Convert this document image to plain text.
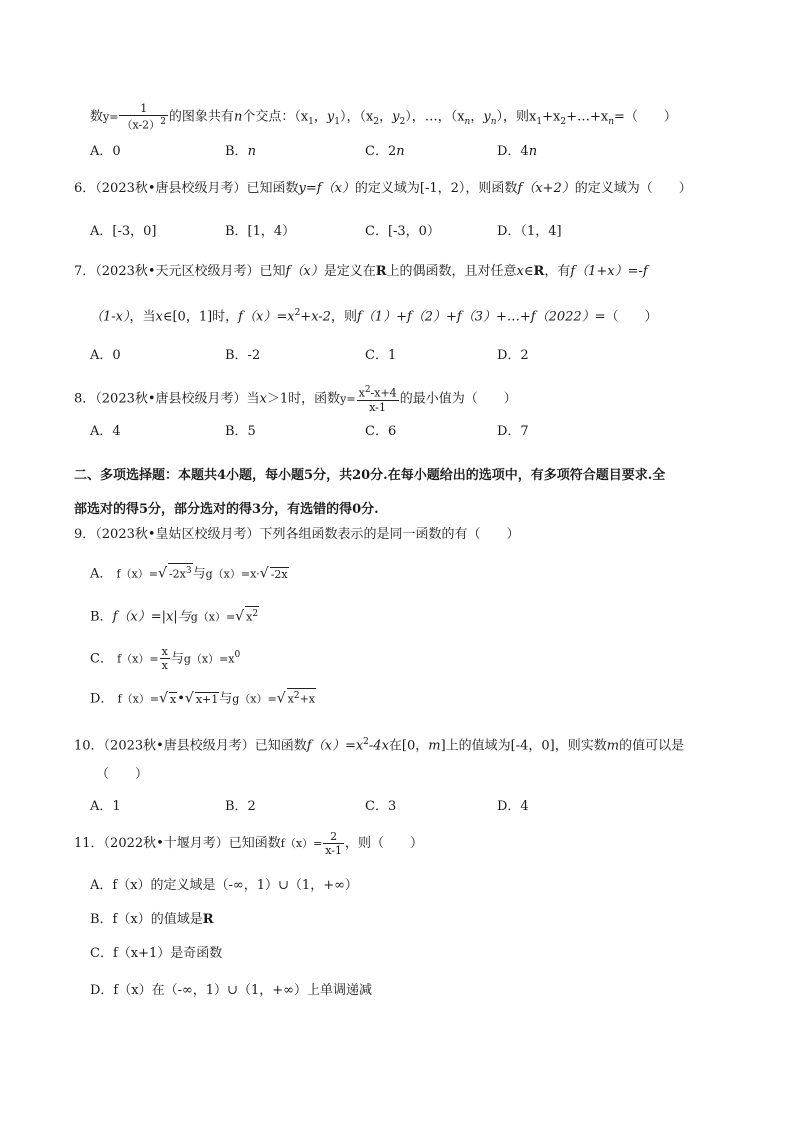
数$y= \frac{1}{(x-2)^2}$ 的图象共有n个交点：（$x_1$，$y_1$），（$x_2$，$y_2$），…，（$x_n$，$y_n$），则$x_1+x_2+\dots+x_n=$（　　）
A．0	B．n	C．2n	D．4n
6．（2023秋•唐县校级月考）已知函数y=f（x）的定义域为[-1，2），则函数f（x+2）的定义域为（　　）
A．[-3，0]	B．[1，4）	C．[-3，0）	D．（1，4]
7．（2023秋•天元区校级月考）已知f（x）是定义在R上的偶函数，且对任意x∈R，有f（1+x）=-f
（1-x），当x∈[0，1]时，$f(x)=x^2+x-2$，则f（1）+f（2）+f（3）+…+f（2022）=（　　）
A．0	B．-2	C．1	D．2
8．（2023秋•唐县校级月考）当x＞1时，函数$y= \frac{x^2-x+4}{x-1}$ 的最小值为（　　）
A．4	B．5	C．6	D．7
二、多项选择题：本题共4小题，每小题5分，共20分.在每小题给出的选项中，有多项符合题目要求.全
部选对的得5分，部分选对的得3分，有选错的得0分.
9．（2023秋•皇姑区校级月考）下列各组函数表示的是同一函数的有（　　）
A． f（x）=√ $-2x^3$与g（x）=x·√ -2x
B．f（x）=|x|与g（x）=√ $x^2$
C． $f(x)= \frac{x}{x}$ 与$g(x)=x^0$
D． f（x）=√ x•√ x+1与g（x）=√ $x^2+x$
10．（2023秋•唐县校级月考）已知函数$f(x)=x^2-4x$在[0，m]上的值域为[-4，0]，则实数m的值可以是
（　　）
A．1	B．2	C．3	D．4
11．（2022秋•十堰月考）已知函数$f(x)= \frac{2}{x-1}$ ，则（　　）
A．f（x）的定义域是（-∞，1）∪（1，+∞）
B．f（x）的值域是R
C．f（x+1）是奇函数
D．f（x）在（-∞，1）∪（1，+∞）上单调递减
